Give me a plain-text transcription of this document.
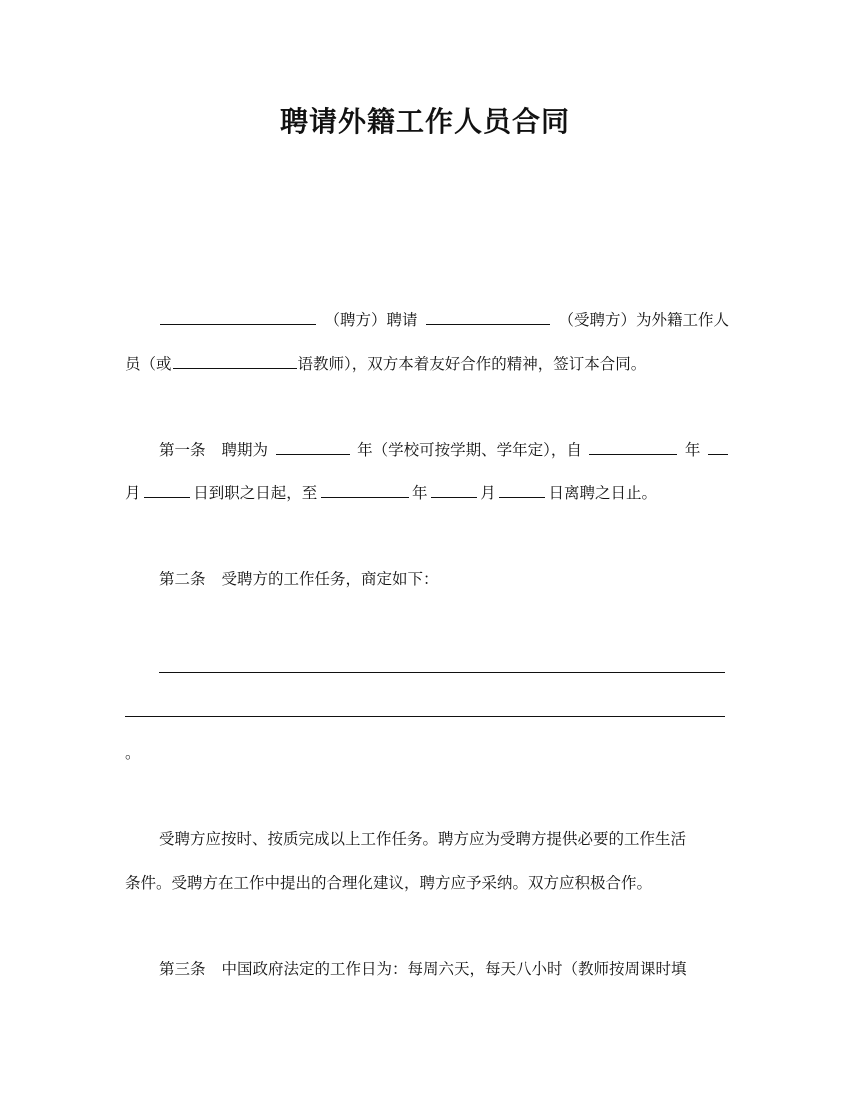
聘请外籍工作人员合同
（聘方）聘请	（受聘方）为外籍工作人
员（或	语教师），双方本着友好合作的精神，签订本合同。
第一条 聘期为	年（学校可按学期、学年定），自	年
月	日到职之日起，至	年	月	日离聘之日止。
第二条 受聘方的工作任务，商定如下：
。
受聘方应按时、按质完成以上工作任务。聘方应为受聘方提供必要的工作生活
条件。受聘方在工作中提出的合理化建议，聘方应予采纳。双方应积极合作。
第三条 中国政府法定的工作日为：每周六天，每天八小时（教师按周课时填
